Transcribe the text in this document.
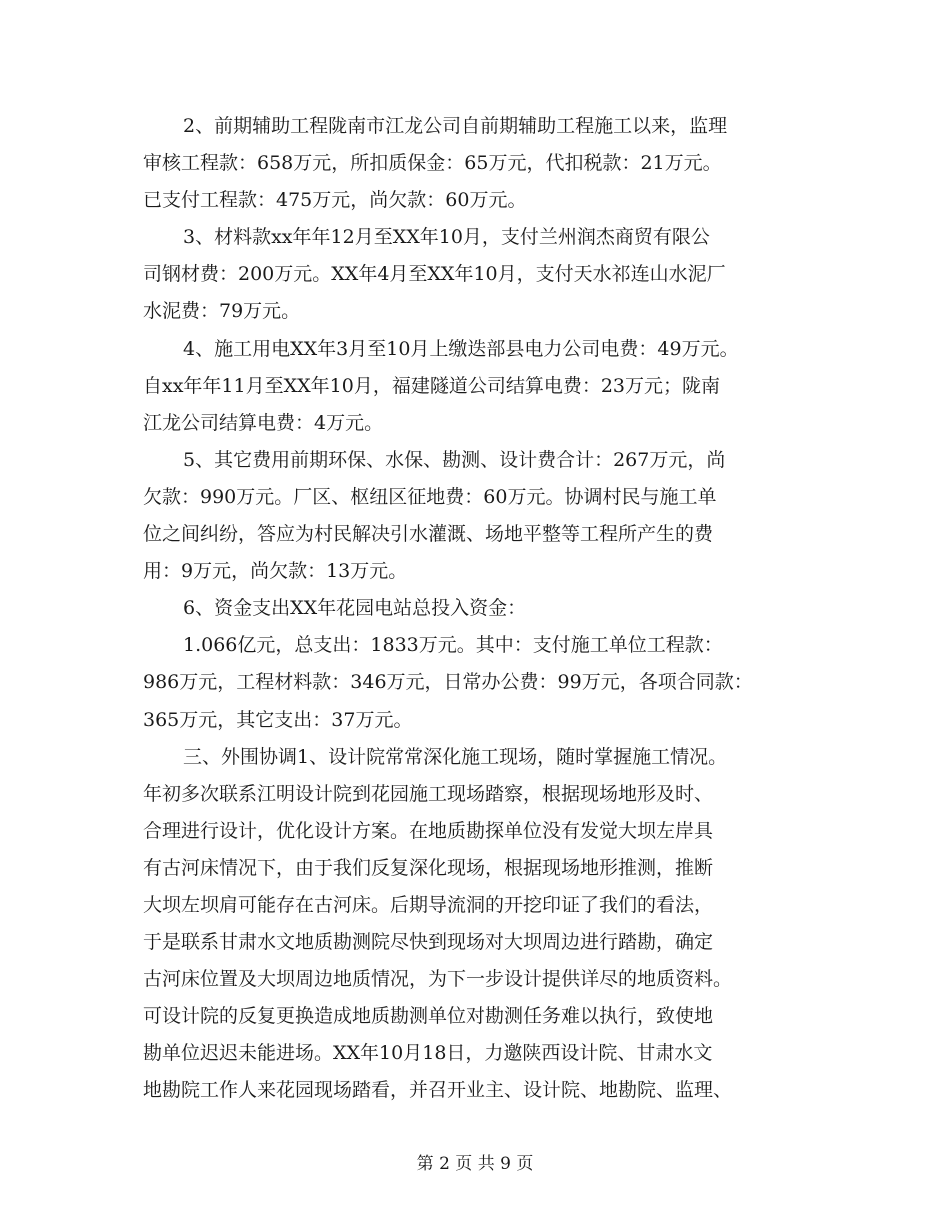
2、前期辅助工程陇南市江龙公司自前期辅助工程施工以来，监理
审核工程款：658万元，所扣质保金：65万元，代扣税款：21万元。
已支付工程款：475万元，尚欠款：60万元。
3、材料款xx年年12月至XX年10月，支付兰州润杰商贸有限公
司钢材费：200万元。XX年4月至XX年10月，支付天水祁连山水泥厂
水泥费：79万元。
4、施工用电XX年3月至10月上缴迭部县电力公司电费：49万元。
自xx年年11月至XX年10月，福建隧道公司结算电费：23万元；陇南
江龙公司结算电费：4万元。
5、其它费用前期环保、水保、勘测、设计费合计：267万元，尚
欠款：990万元。厂区、枢纽区征地费：60万元。协调村民与施工单
位之间纠纷，答应为村民解决引水灌溉、场地平整等工程所产生的费
用：9万元，尚欠款：13万元。
6、资金支出XX年花园电站总投入资金：
1.066亿元，总支出：1833万元。其中：支付施工单位工程款：
986万元，工程材料款：346万元，日常办公费：99万元，各项合同款：
365万元，其它支出：37万元。
三、外围协调1、设计院常常深化施工现场，随时掌握施工情况。
年初多次联系江明设计院到花园施工现场踏察，根据现场地形及时、
合理进行设计，优化设计方案。在地质勘探单位没有发觉大坝左岸具
有古河床情况下，由于我们反复深化现场，根据现场地形推测，推断
大坝左坝肩可能存在古河床。后期导流洞的开挖印证了我们的看法，
于是联系甘肃水文地质勘测院尽快到现场对大坝周边进行踏勘，确定
古河床位置及大坝周边地质情况，为下一步设计提供详尽的地质资料。
可设计院的反复更换造成地质勘测单位对勘测任务难以执行，致使地
勘单位迟迟未能进场。XX年10月18日，力邀陕西设计院、甘肃水文
地勘院工作人来花园现场踏看，并召开业主、设计院、地勘院、监理、
第 2 页 共 9 页
